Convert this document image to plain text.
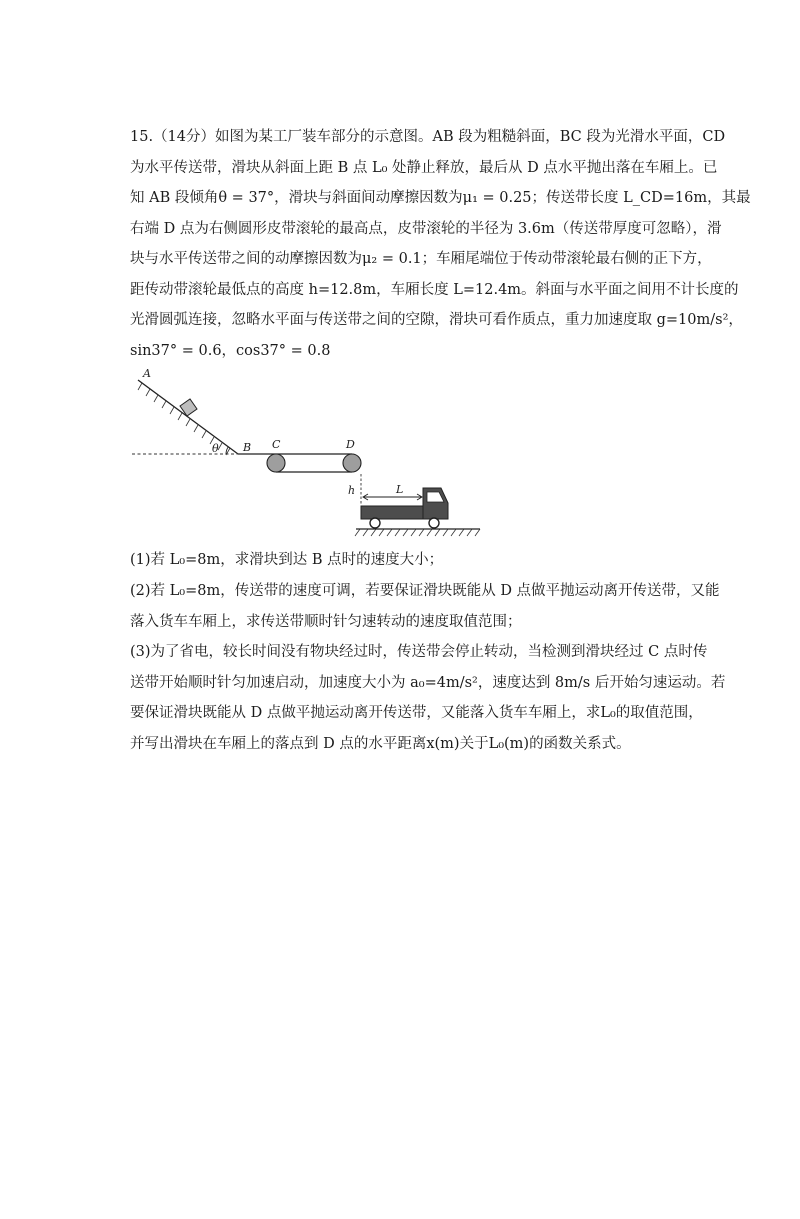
15.（14分）如图为某工厂装车部分的示意图。AB 段为粗糙斜面，BC 段为光滑水平面，CD
为水平传送带，滑块从斜面上距 B 点 L₀ 处静止释放，最后从 D 点水平抛出落在车厢上。已
知 AB 段倾角θ = 37°，滑块与斜面间动摩擦因数为μ₁ = 0.25；传送带长度 L_CD=16m，其最
右端 D 点为右侧圆形皮带滚轮的最高点，皮带滚轮的半径为 3.6m（传送带厚度可忽略），滑
块与水平传送带之间的动摩擦因数为μ₂ = 0.1；车厢尾端位于传动带滚轮最右侧的正下方，
距传动带滚轮最低点的高度 h=12.8m，车厢长度 L=12.4m。斜面与水平面之间用不计长度的
光滑圆弧连接，忽略水平面与传送带之间的空隙，滑块可看作质点，重力加速度取 g=10m/s²，
sin37° = 0.6，cos37° = 0.8
A
B C	D
θ
h	L
(1)若 L₀=8m，求滑块到达 B 点时的速度大小；
(2)若 L₀=8m，传送带的速度可调，若要保证滑块既能从 D 点做平抛运动离开传送带，又能
落入货车车厢上，求传送带顺时针匀速转动的速度取值范围；
(3)为了省电，较长时间没有物块经过时，传送带会停止转动，当检测到滑块经过 C 点时传
送带开始顺时针匀加速启动，加速度大小为 a₀=4m/s²，速度达到 8m/s 后开始匀速运动。若
要保证滑块既能从 D 点做平抛运动离开传送带，又能落入货车车厢上，求L₀的取值范围，
并写出滑块在车厢上的落点到 D 点的水平距离x(m)关于L₀(m)的函数关系式。
